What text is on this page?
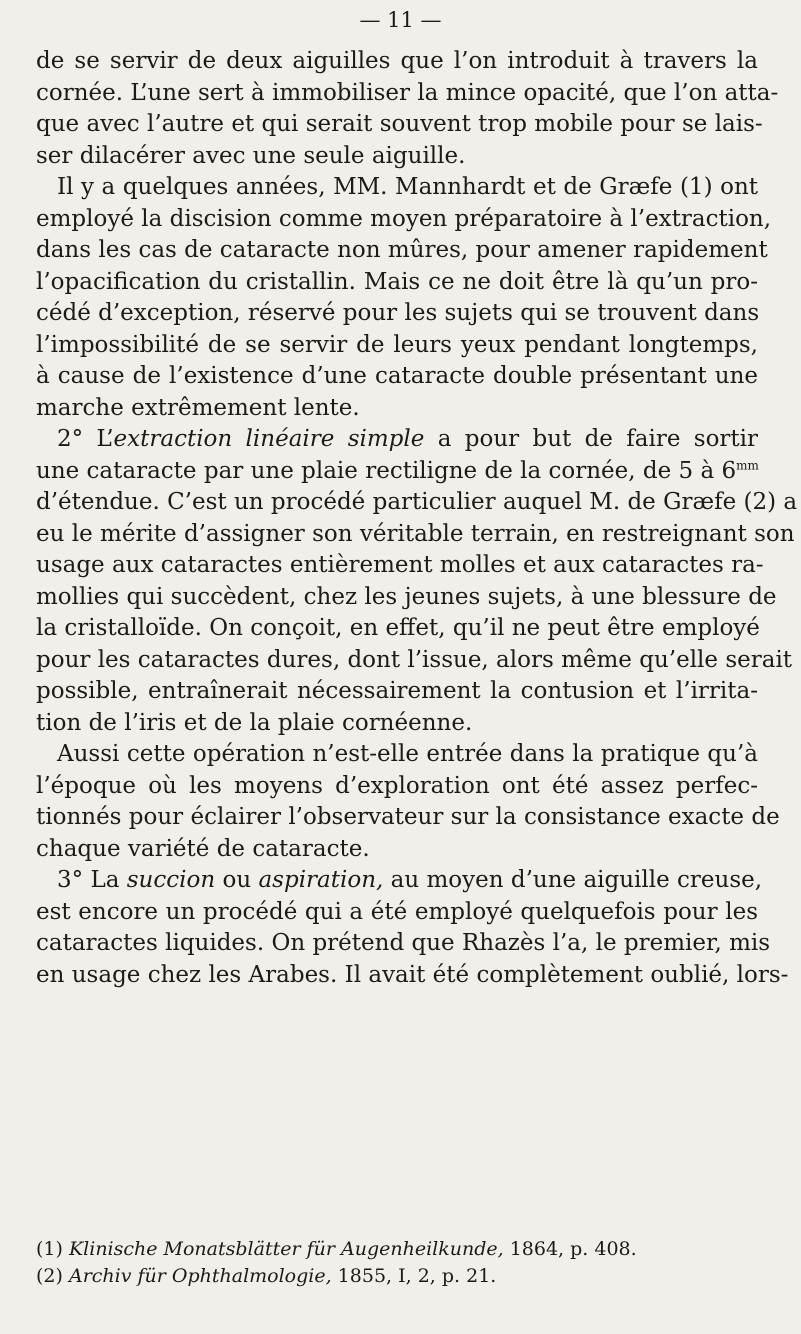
— 11 —
de se servir de deux aiguilles que l’on introduit à travers la
cornée. L’une sert à immobiliser la mince opacité, que l’on atta-
que avec l’autre et qui serait souvent trop mobile pour se lais-
ser dilacérer avec une seule aiguille.
Il y a quelques années, MM. Mannhardt et de Græfe (1) ont
employé la discision comme moyen préparatoire à l’extraction,
dans les cas de cataracte non mûres, pour amener rapidement
l’opacification du cristallin. Mais ce ne doit être là qu’un pro-
cédé d’exception, réservé pour les sujets qui se trouvent dans
l’impossibilité de se servir de leurs yeux pendant longtemps,
à cause de l’existence d’une cataracte double présentant une
marche extrêmement lente.
2° L’extraction linéaire simple a pour but de faire sortir
une cataracte par une plaie rectiligne de la cornée, de 5 à $6^{mm}$
d’étendue. C’est un procédé particulier auquel M. de Græfe (2) a
eu le mérite d’assigner son véritable terrain, en restreignant son
usage aux cataractes entièrement molles et aux cataractes ra-
mollies qui succèdent, chez les jeunes sujets, à une blessure de
la cristalloïde. On conçoit, en effet, qu’il ne peut être employé
pour les cataractes dures, dont l’issue, alors même qu’elle serait
possible, entraînerait nécessairement la contusion et l’irrita-
tion de l’iris et de la plaie cornéenne.
Aussi cette opération n’est-elle entrée dans la pratique qu’à
l’époque où les moyens d’exploration ont été assez perfec-
tionnés pour éclairer l’observateur sur la consistance exacte de
chaque variété de cataracte.
3° La succion ou aspiration, au moyen d’une aiguille creuse,
est encore un procédé qui a été employé quelquefois pour les
cataractes liquides. On prétend que Rhazès l’a, le premier, mis
en usage chez les Arabes. Il avait été complètement oublié, lors-
(1) Klinische Monatsblätter für Augenheilkunde, 1864, p. 408.
(2) Archiv für Ophthalmologie, 1855, I, 2, p. 21.
